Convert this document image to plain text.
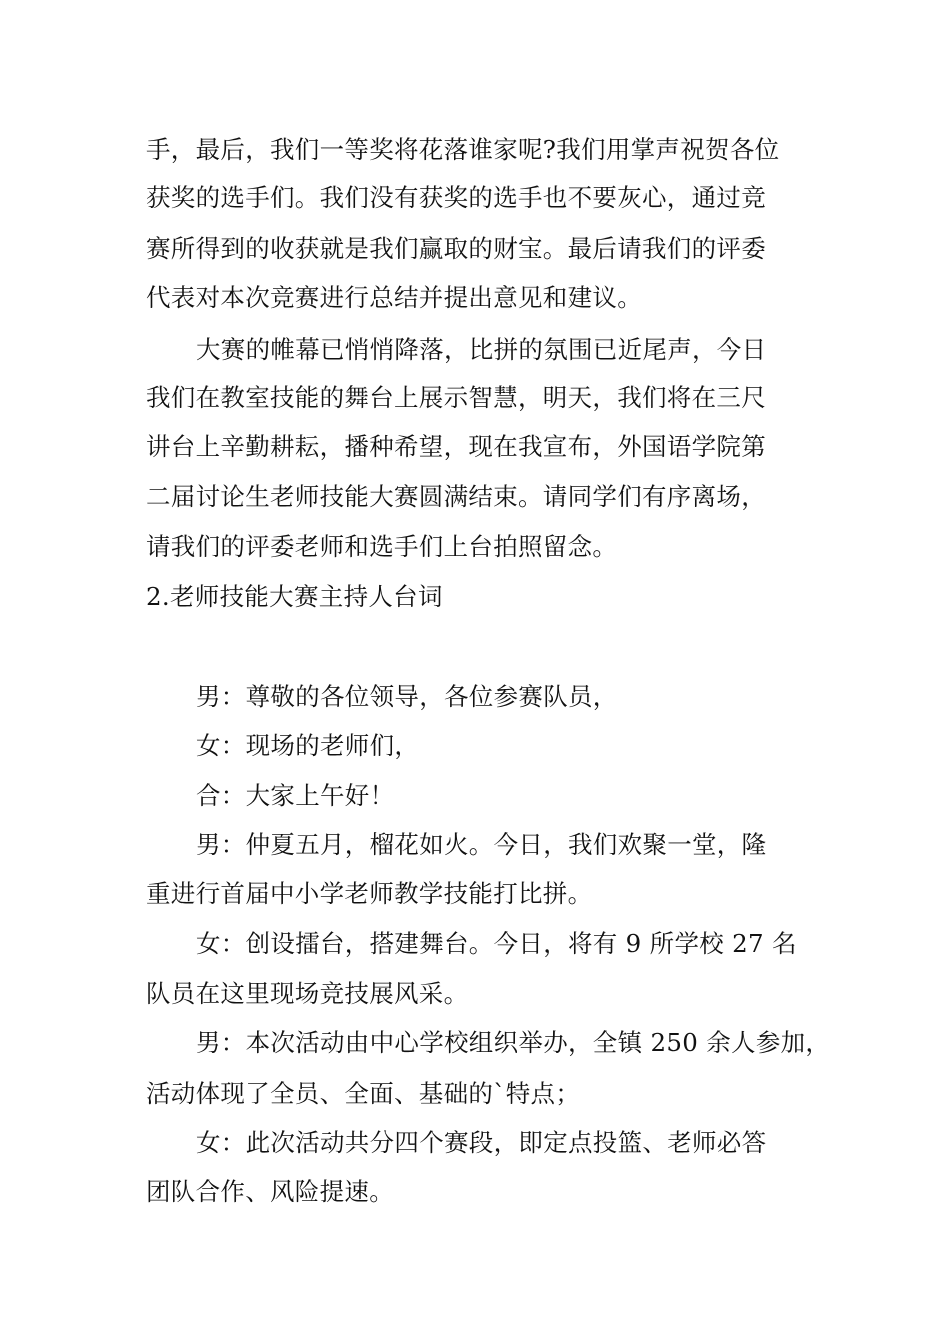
手，最后，我们一等奖将花落谁家呢?我们用掌声祝贺各位
获奖的选手们。我们没有获奖的选手也不要灰心，通过竞
赛所得到的收获就是我们赢取的财宝。最后请我们的评委
代表对本次竞赛进行总结并提出意见和建议。
大赛的帷幕已悄悄降落，比拼的氛围已近尾声，今日
我们在教室技能的舞台上展示智慧，明天，我们将在三尺
讲台上辛勤耕耘，播种希望，现在我宣布，外国语学院第
二届讨论生老师技能大赛圆满结束。请同学们有序离场，
请我们的评委老师和选手们上台拍照留念。
2.老师技能大赛主持人台词
男：尊敬的各位领导，各位参赛队员，
女：现场的老师们，
合：大家上午好！
男：仲夏五月，榴花如火。今日，我们欢聚一堂，隆
重进行首届中小学老师教学技能打比拼。
女：创设擂台，搭建舞台。今日，将有 9 所学校 27 名
队员在这里现场竞技展风采。
男：本次活动由中心学校组织举办，全镇 250 余人参加，
活动体现了全员、全面、基础的`特点；
女：此次活动共分四个赛段，即定点投篮、老师必答
团队合作、风险提速。
